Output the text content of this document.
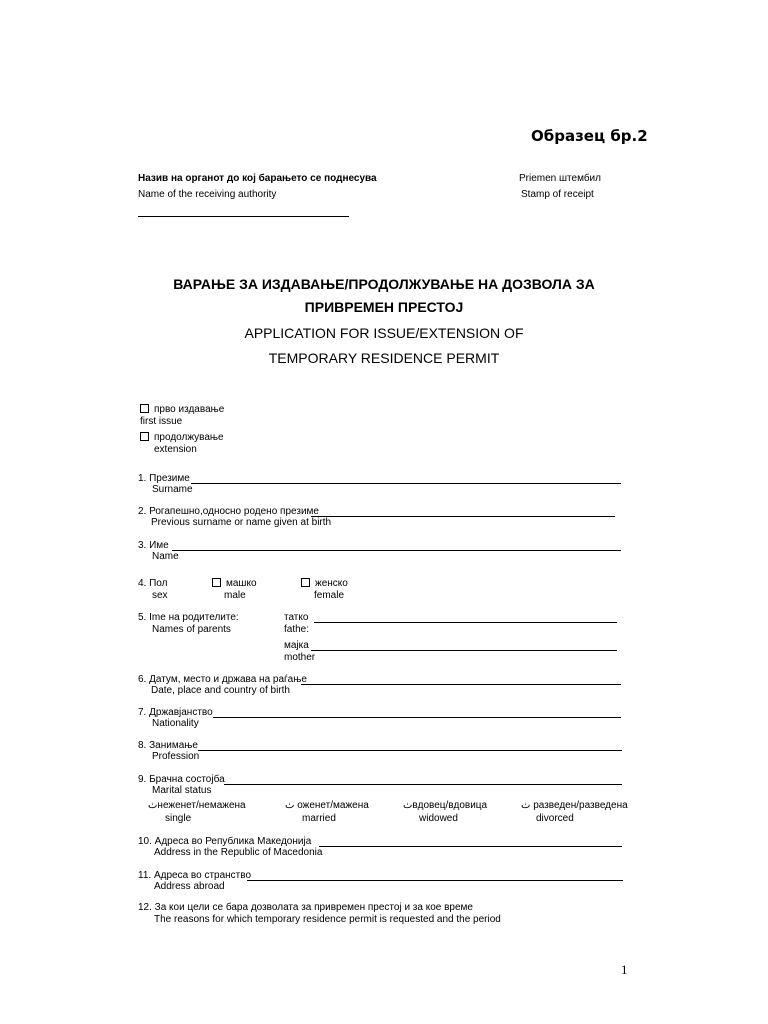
Образец бр.2
Назив на органот до кој барањето се поднесува
Name of the receiving authority
Priemen штембил
Stamp of receipt
ВАРАЊЕ ЗА ИЗДАВАЊЕ/ПРОДОЛЖУВАЊЕ НА ДОЗВОЛА ЗА
ПРИВРЕМЕН ПРЕСТОЈ
APPLICATION FOR ISSUE/EXTENSION OF
TEMPORARY RESIDENCE PERMIT
прво издавање
first issue
продолжување
extension
1. Презиме
Surname
2. Рогапешно,односно родено презиме
Previous surname or name given at birth
3. Име
Name
4. Пол
sex
машко
male
женско
female
5. Ime на родителите:
Names of parents
татко
fathe:
мајка
mother
6. Датум, место и држава на раѓање
Date, place and country of birth
7. Државјанство
Nationality
8. Занимање
Profession
9. Брачна состојба
Marital status
ٺнеженет/немажена
single
ٺ оженет/мажена
married
ٺвдовец/вдовица
widowed
ٺ разведен/разведена
divorced
10. Адреса во Република Македонија
Address in the Republic of Macedonia
11. Адреса во странство
Address abroad
12. За кои цели се бара дозволата за привремен престој и за кое време
The reasons for which temporary residence permit is requested and the period
1
